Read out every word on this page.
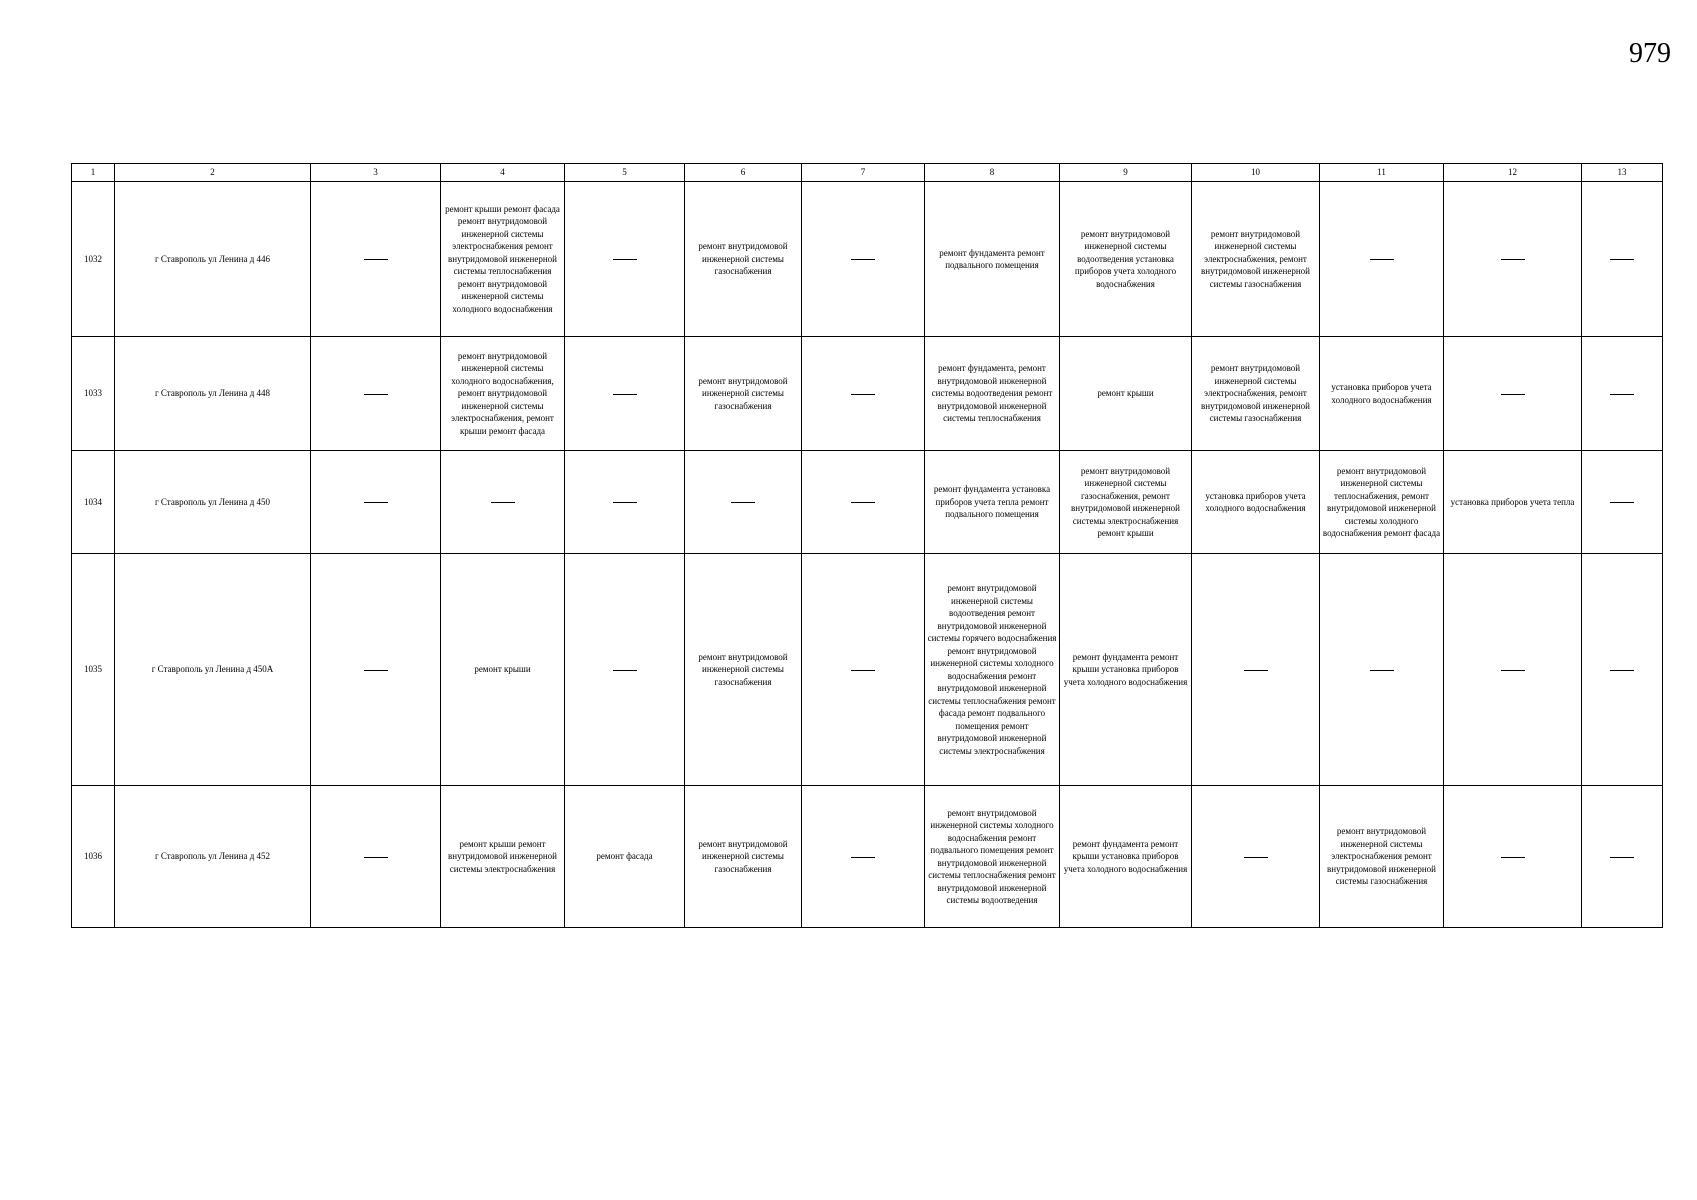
979
1	2	3	4	5	6	7	8	9	10	11	12	13
1032	г Ставрополь ул Ленина д 446		ремонт крыши ремонт фасада ремонт внутридомовой инженерной системы электроснабжения ремонт внутридомовой инженерной системы теплоснабжения ремонт внутридомовой инженерной системы холодного водоснабжения		ремонт внутридомовой инженерной системы газоснабжения		ремонт фундамента ремонт подвального помещения	ремонт внутридомовой инженерной системы водоотведения установка приборов учета холодного водоснабжения	ремонт внутридомовой инженерной системы электроснабжения, ремонт внутридомовой инженерной системы газоснабжения			
1033	г Ставрополь ул Ленина д 448		ремонт внутридомовой инженерной системы холодного водоснабжения, ремонт внутридомовой инженерной системы электроснабжения, ремонт крыши ремонт фасада		ремонт внутридомовой инженерной системы газоснабжения		ремонт фундамента, ремонт внутридомовой инженерной системы водоотведения ремонт внутридомовой инженерной системы теплоснабжения	ремонт крыши	ремонт внутридомовой инженерной системы электроснабжения, ремонт внутридомовой инженерной системы газоснабжения	установка приборов учета холодного водоснабжения		
1034	г Ставрополь ул Ленина д 450						ремонт фундамента установка приборов учета тепла ремонт подвального помещения	ремонт внутридомовой инженерной системы газоснабжения, ремонт внутридомовой инженерной системы электроснабжения ремонт крыши	установка приборов учета холодного водоснабжения	ремонт внутридомовой инженерной системы теплоснабжения, ремонт внутридомовой инженерной системы холодного водоснабжения ремонт фасада	установка приборов учета тепла	
1035	г Ставрополь ул Ленина д 450А		ремонт крыши		ремонт внутридомовой инженерной системы газоснабжения		ремонт внутридомовой инженерной системы водоотведения ремонт внутридомовой инженерной системы горячего водоснабжения ремонт внутридомовой инженерной системы холодного водоснабжения ремонт внутридомовой инженерной системы теплоснабжения ремонт фасада ремонт подвального помещения ремонт внутридомовой инженерной системы электроснабжения	ремонт фундамента ремонт крыши установка приборов учета холодного водоснабжения				
1036	г Ставрополь ул Ленина д 452		ремонт крыши ремонт внутридомовой инженерной системы электроснабжения	ремонт фасада	ремонт внутридомовой инженерной системы газоснабжения		ремонт внутридомовой инженерной системы холодного водоснабжения ремонт подвального помещения ремонт внутридомовой инженерной системы теплоснабжения ремонт внутридомовой инженерной системы водоотведения	ремонт фундамента ремонт крыши установка приборов учета холодного водоснабжения		ремонт внутридомовой инженерной системы электроснабжения ремонт внутридомовой инженерной системы газоснабжения		
